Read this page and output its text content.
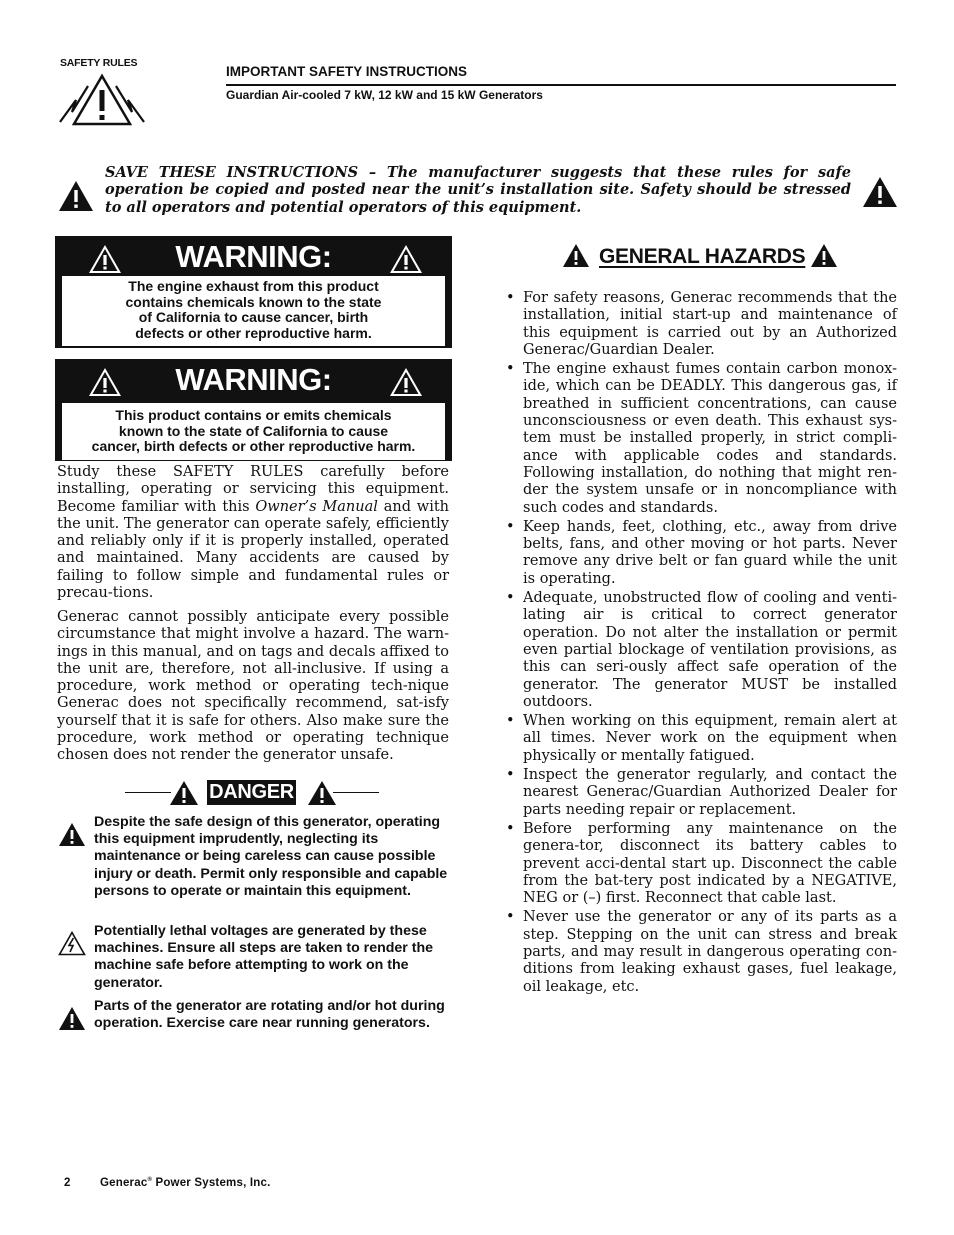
SAFETY RULES
IMPORTANT SAFETY INSTRUCTIONS
Guardian Air-cooled 7 kW, 12 kW and 15 kW Generators
SAVE THESE INSTRUCTIONS – The manufacturer suggests that these rules for safe operation be copied and posted near the unit’s installation site. Safety should be stressed to all operators and potential operators of this equipment.
WARNING:
The engine exhaust from this product
contains chemicals known to the state
of California to cause cancer, birth
defects or other reproductive harm.
WARNING:
This product contains or emits chemicals
known to the state of California to cause
cancer, birth defects or other reproductive harm.

Study these SAFETY RULES carefully before installing, operating or servicing this equipment. Become familiar with this Owner’s Manual and with the unit. The generator can operate safely, efficiently and reliably only if it is properly installed, operated and maintained. Many accidents are caused by failing to follow simple and fundamental rules or precau-tions.

Generac cannot possibly anticipate every possible circumstance that might involve a hazard. The warn-ings in this manual, and on tags and decals affixed to the unit are, therefore, not all-inclusive. If using a procedure, work method or operating tech-nique Generac does not specifically recommend, sat-isfy yourself that it is safe for others. Also make sure the procedure, work method or operating technique chosen does not render the generator unsafe.

DANGER
Despite the safe design of this generator, operating this equipment imprudently, neglecting its maintenance or being careless can cause possible injury or death. Permit only responsible and capable persons to operate or maintain this equipment.
Potentially lethal voltages are generated by these machines. Ensure all steps are taken to render the machine safe before attempting to work on the generator.
Parts of the generator are rotating and/or hot during operation. Exercise care near running generators.
GENERAL HAZARDS
• For safety reasons, Generac recommends that the installation, initial start-up and maintenance of this equipment is carried out by an Authorized Generac/Guardian Dealer.
• The engine exhaust fumes contain carbon monox-ide, which can be DEADLY. This dangerous gas, if breathed in sufficient concentrations, can cause unconsciousness or even death. This exhaust sys-tem must be installed properly, in strict compli-ance with applicable codes and standards. Following installation, do nothing that might ren-der the system unsafe or in noncompliance with such codes and standards.
• Keep hands, feet, clothing, etc., away from drive belts, fans, and other moving or hot parts. Never remove any drive belt or fan guard while the unit is operating.
• Adequate, unobstructed flow of cooling and venti-lating air is critical to correct generator operation. Do not alter the installation or permit even partial blockage of ventilation provisions, as this can seri-ously affect safe operation of the generator. The generator MUST be installed outdoors.
• When working on this equipment, remain alert at all times. Never work on the equipment when physically or mentally fatigued.
• Inspect the generator regularly, and contact the nearest Generac/Guardian Authorized Dealer for parts needing repair or replacement.
• Before performing any maintenance on the genera-tor, disconnect its battery cables to prevent acci-dental start up. Disconnect the cable from the bat-tery post indicated by a NEGATIVE, NEG or (–) first. Reconnect that cable last.
• Never use the generator or any of its parts as a step. Stepping on the unit can stress and break parts, and may result in dangerous operating con-ditions from leaking exhaust gases, fuel leakage, oil leakage, etc.
2	Generac® Power Systems, Inc.
